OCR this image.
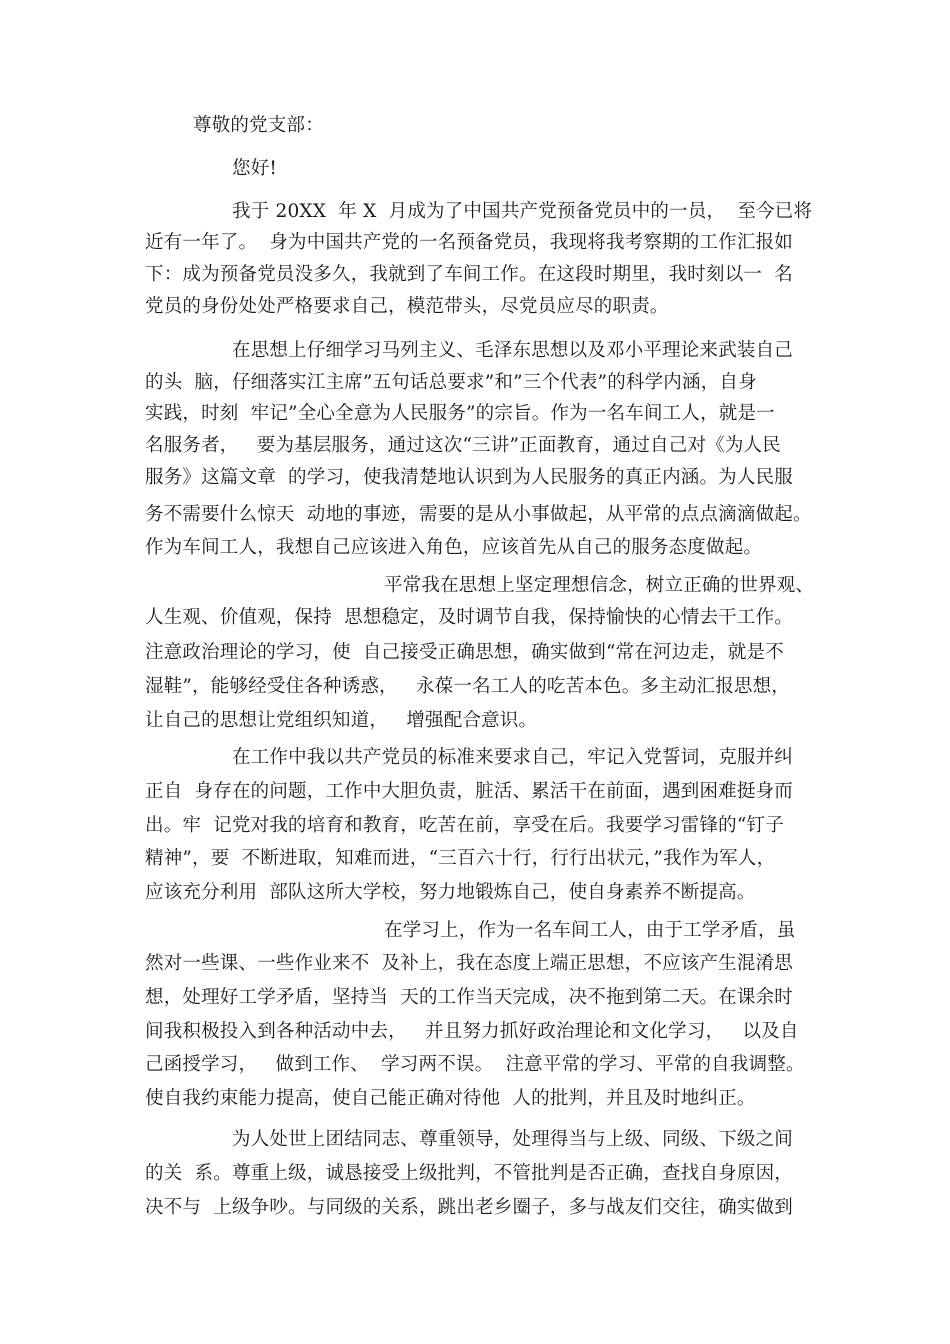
尊敬的党支部：
您好!
我于 20XX  年 X  月成为了中国共产党预备党员中的一员，  至今已将
近有一年了。  身为中国共产党的一名预备党员，我现将我考察期的工作汇报如
下：成为预备党员没多久，我就到了车间工作。在这段时期里，我时刻以一  名
党员的身份处处严格要求自己，模范带头，尽党员应尽的职责。
在思想上仔细学习马列主义、毛泽东思想以及邓小平理论来武装自己
的头  脑，仔细落实江主席”五句话总要求”和”三个代表”的科学内涵，自身
实践，时刻  牢记”全心全意为人民服务”的宗旨。作为一名车间工人，就是一
名服务者，   要为基层服务，通过这次“三讲”正面教育，通过自己对《为人民
服务》这篇文章  的学习，使我清楚地认识到为人民服务的真正内涵。为人民服
务不需要什么惊天  动地的事迹，需要的是从小事做起，从平常的点点滴滴做起。
作为车间工人，我想自己应该进入角色，应该首先从自己的服务态度做起。
平常我在思想上坚定理想信念，树立正确的世界观、
人生观、价值观，保持  思想稳定，及时调节自我，保持愉快的心情去干工作。
注意政治理论的学习，使  自己接受正确思想，确实做到“常在河边走，就是不
湿鞋”，能够经受住各种诱惑，   永葆一名工人的吃苦本色。多主动汇报思想，
让自己的思想让党组织知道，   增强配合意识。
在工作中我以共产党员的标准来要求自己，牢记入党誓词，克服并纠
正自  身存在的问题，工作中大胆负责，脏活、累活干在前面，遇到困难挺身而
出。牢  记党对我的培育和教育，吃苦在前，享受在后。我要学习雷锋的“钉子
精神”，要  不断进取，知难而进，“三百六十行，行行出状元，”我作为军人，
应该充分利用  部队这所大学校，努力地锻炼自己，使自身素养不断提高。
在学习上，作为一名车间工人，由于工学矛盾，虽
然对一些课、一些作业来不  及补上，我在态度上端正思想，不应该产生混淆思
想，处理好工学矛盾，坚持当  天的工作当天完成，决不拖到第二天。在课余时
间我积极投入到各种活动中去，   并且努力抓好政治理论和文化学习，   以及自
己函授学习，   做到工作、  学习两不误。  注意平常的学习、平常的自我调整。
使自我约束能力提高，使自己能正确对待他  人的批判，并且及时地纠正。
为人处世上团结同志、尊重领导，处理得当与上级、同级、下级之间
的关  系。尊重上级，诚恳接受上级批判，不管批判是否正确，查找自身原因，
决不与  上级争吵。与同级的关系，跳出老乡圈子，多与战友们交往，确实做到
